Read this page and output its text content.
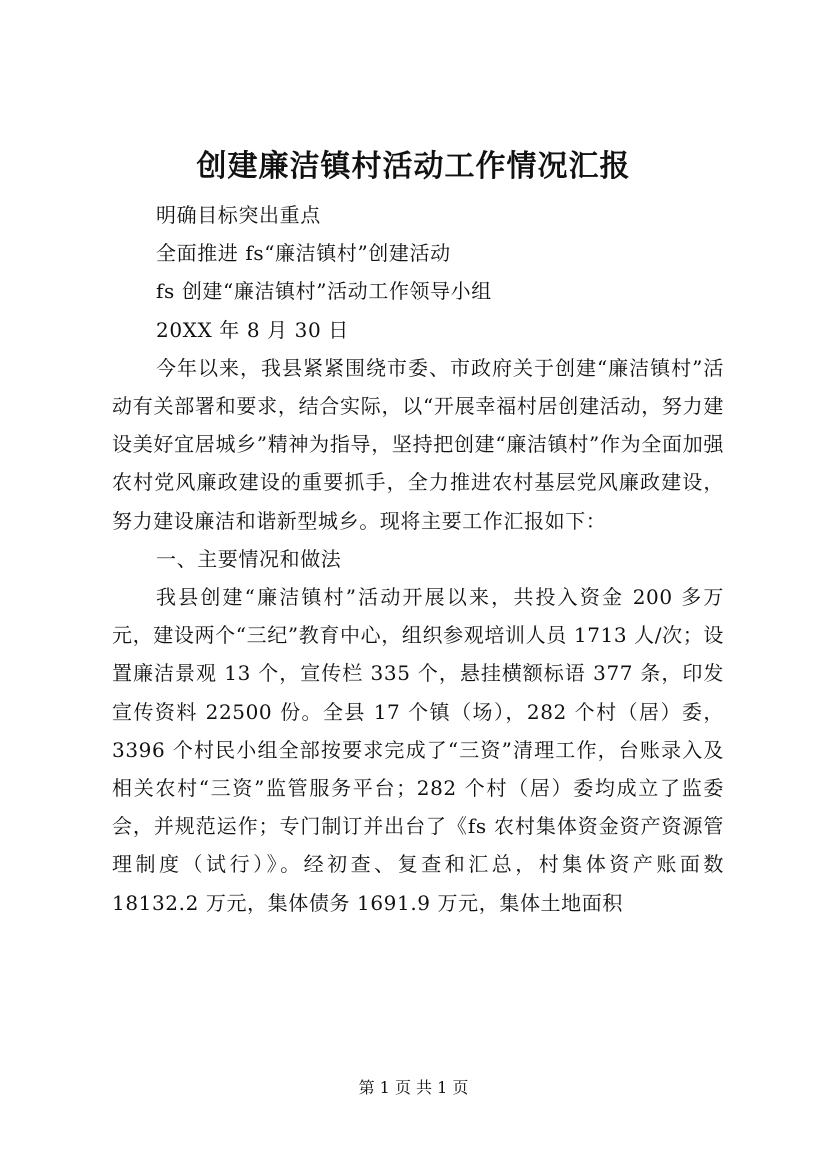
创建廉洁镇村活动工作情况汇报

明确目标突出重点

全面推进 fs“廉洁镇村”创建活动

fs 创建“廉洁镇村”活动工作领导小组

20XX 年 8 月 30 日

今年以来，我县紧紧围绕市委、市政府关于创建“廉洁镇村”活动有关部署和要求，结合实际，以“开展幸福村居创建活动，努力建设美好宜居城乡”精神为指导，坚持把创建“廉洁镇村”作为全面加强农村党风廉政建设的重要抓手，全力推进农村基层党风廉政建设，努力建设廉洁和谐新型城乡。现将主要工作汇报如下：

一、主要情况和做法

我县创建“廉洁镇村”活动开展以来，共投入资金 200 多万元，建设两个“三纪”教育中心，组织参观培训人员 1713 人/次；设置廉洁景观 13 个，宣传栏 335 个，悬挂横额标语 377 条，印发宣传资料 22500 份。全县 17 个镇（场），282 个村（居）委，3396 个村民小组全部按要求完成了“三资”清理工作，台账录入及相关农村“三资”监管服务平台；282 个村（居）委均成立了监委会，并规范运作；专门制订并出台了《fs 农村集体资金资产资源管理制度（试行）》。经初查、复查和汇总，村集体资产账面数 18132.2 万元，集体债务 1691.9 万元，集体土地面积

第 1 页 共 1 页
